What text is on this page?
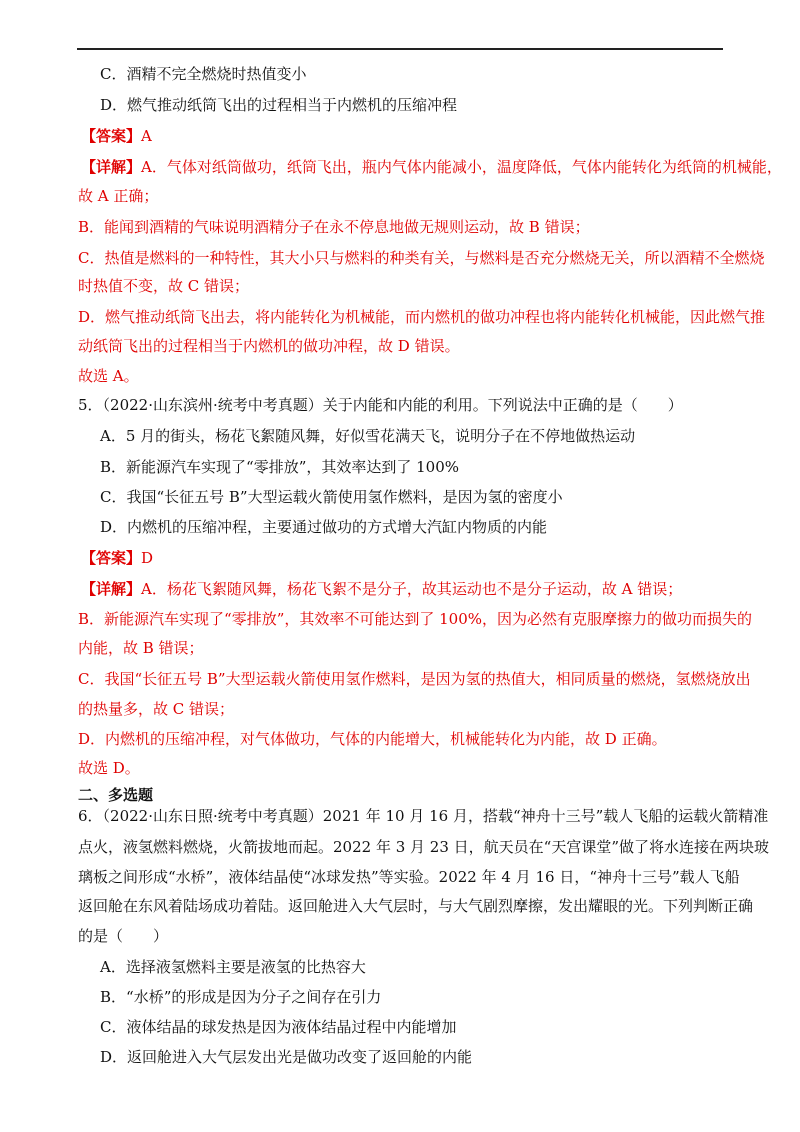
C．酒精不完全燃烧时热值变小
D．燃气推动纸筒飞出的过程相当于内燃机的压缩冲程
【答案】A
【详解】A．气体对纸筒做功，纸筒飞出，瓶内气体内能减小，温度降低，气体内能转化为纸筒的机械能，
故 A 正确；
B．能闻到酒精的气味说明酒精分子在永不停息地做无规则运动，故 B 错误；
C．热值是燃料的一种特性，其大小只与燃料的种类有关，与燃料是否充分燃烧无关，所以酒精不全燃烧
时热值不变，故 C 错误；
D．燃气推动纸筒飞出去，将内能转化为机械能，而内燃机的做功冲程也将内能转化机械能，因此燃气推
动纸筒飞出的过程相当于内燃机的做功冲程，故 D 错误。
故选 A。
5．（2022·山东滨州·统考中考真题）关于内能和内能的利用。下列说法中正确的是（　　）
A．5 月的街头，杨花飞絮随风舞，好似雪花满天飞，说明分子在不停地做热运动
B．新能源汽车实现了“零排放”，其效率达到了 100%
C．我国“长征五号 B”大型运载火箭使用氢作燃料，是因为氢的密度小
D．内燃机的压缩冲程，主要通过做功的方式增大汽缸内物质的内能
【答案】D
【详解】A．杨花飞絮随风舞，杨花飞絮不是分子，故其运动也不是分子运动，故 A 错误；
B．新能源汽车实现了“零排放”，其效率不可能达到了 100%，因为必然有克服摩擦力的做功而损失的
内能，故 B 错误；
C．我国“长征五号 B”大型运载火箭使用氢作燃料，是因为氢的热值大，相同质量的燃烧，氢燃烧放出
的热量多，故 C 错误；
D．内燃机的压缩冲程，对气体做功，气体的内能增大，机械能转化为内能，故 D 正确。
故选 D。
二、多选题
6．（2022·山东日照·统考中考真题）2021 年 10 月 16 月，搭载“神舟十三号”载人飞船的运载火箭精准
点火，液氢燃料燃烧，火箭拔地而起。2022 年 3 月 23 日，航天员在“天宫课堂”做了将水连接在两块玻
璃板之间形成“水桥”，液体结晶使“冰球发热”等实验。2022 年 4 月 16 日，“神舟十三号”载人飞船
返回舱在东风着陆场成功着陆。返回舱进入大气层时，与大气剧烈摩擦，发出耀眼的光。下列判断正确
的是（　　）
A．选择液氢燃料主要是液氢的比热容大
B．“水桥”的形成是因为分子之间存在引力
C．液体结晶的球发热是因为液体结晶过程中内能增加
D．返回舱进入大气层发出光是做功改变了返回舱的内能
